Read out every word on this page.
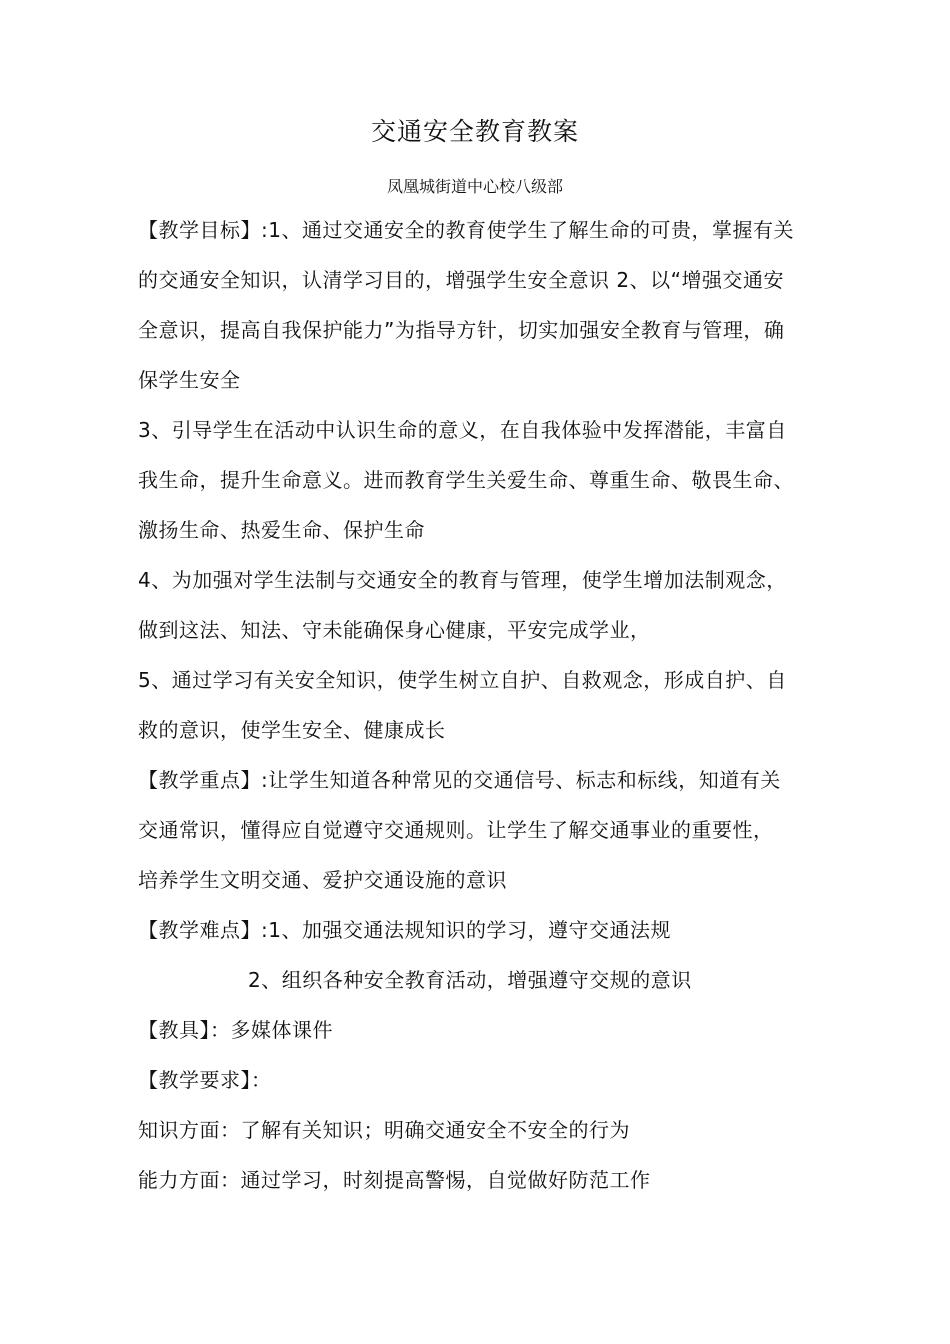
交通安全教育教案
凤凰城街道中心校八级部
【教学目标】:1、通过交通安全的教育使学生了解生命的可贵，掌握有关
的交通安全知识，认清学习目的，增强学生安全意识 2、以“增强交通安
全意识，提高自我保护能力”为指导方针，切实加强安全教育与管理，确
保学生安全
3、引导学生在活动中认识生命的意义，在自我体验中发挥潜能，丰富自
我生命，提升生命意义。进而教育学生关爱生命、尊重生命、敬畏生命、
激扬生命、热爱生命、保护生命
4、为加强对学生法制与交通安全的教育与管理，使学生增加法制观念，
做到这法、知法、守未能确保身心健康，平安完成学业，
5、通过学习有关安全知识，使学生树立自护、自救观念，形成自护、自
救的意识，使学生安全、健康成长
【教学重点】:让学生知道各种常见的交通信号、标志和标线，知道有关
交通常识，懂得应自觉遵守交通规则。让学生了解交通事业的重要性，
培养学生文明交通、爱护交通设施的意识
【教学难点】:1、加强交通法规知识的学习，遵守交通法规
2、组织各种安全教育活动，增强遵守交规的意识
【教具】：多媒体课件
【教学要求】：
知识方面：了解有关知识；明确交通安全不安全的行为
能力方面：通过学习，时刻提高警惕，自觉做好防范工作
